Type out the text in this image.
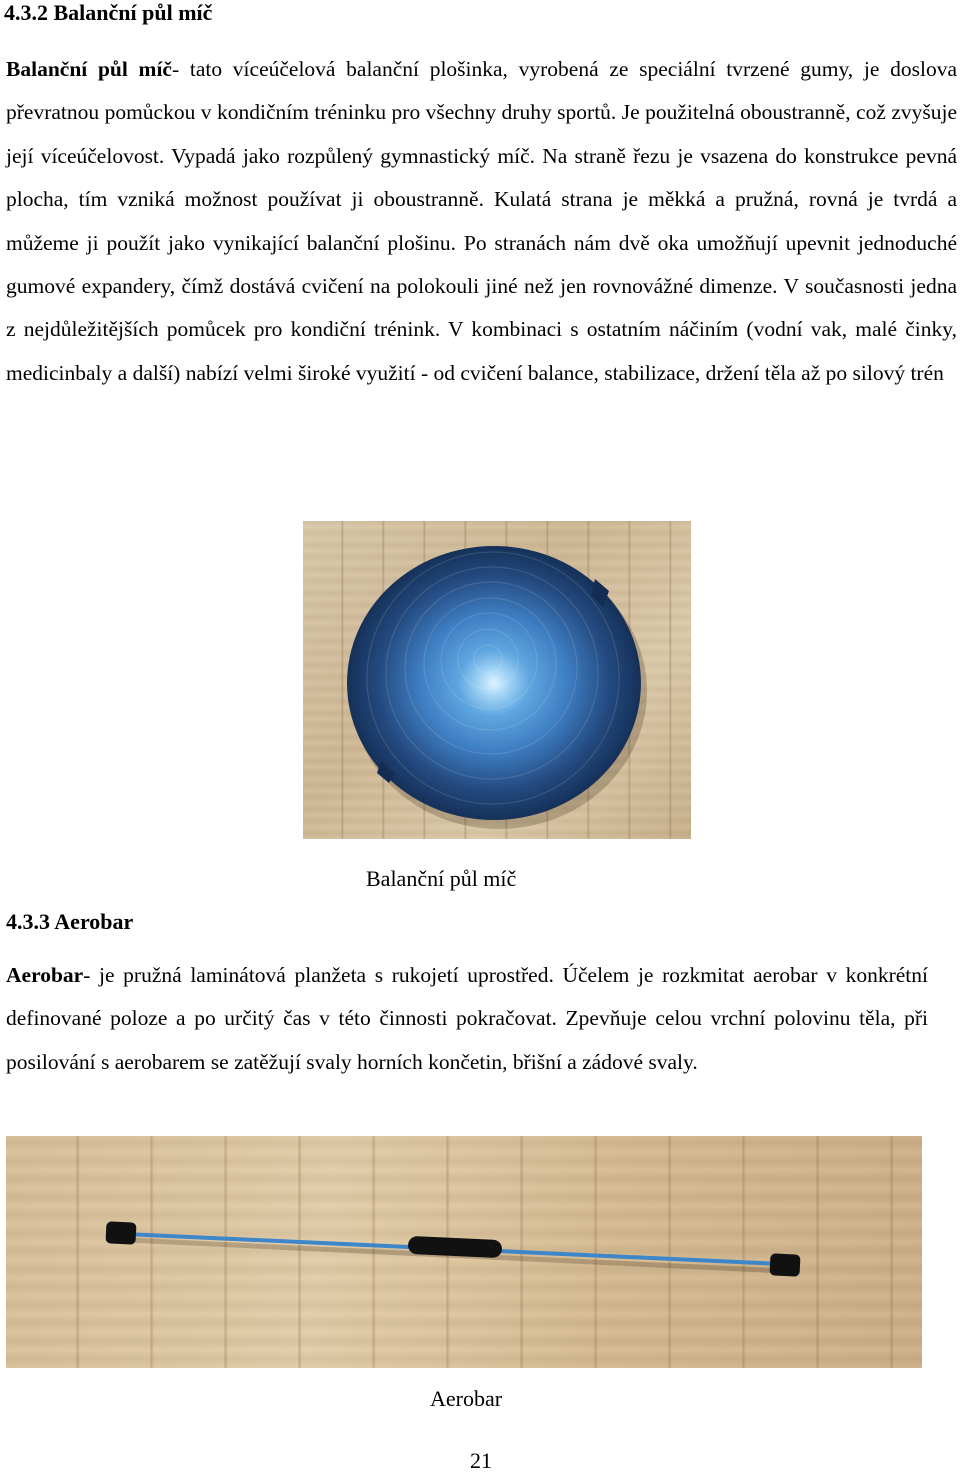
4.3.2 Balanční půl míč
Balanční půl míč- tato víceúčelová balanční plošinka, vyrobená ze speciální tvrzené gumy, je doslova převratnou pomůckou v kondičním tréninku pro všechny druhy sportů. Je použitelná oboustranně, což zvyšuje její víceúčelovost. Vypadá jako rozpůlený gymnastický míč. Na straně řezu je vsazena do konstrukce pevná plocha, tím vzniká možnost používat ji oboustranně. Kulatá strana je měkká a pružná, rovná je tvrdá a můžeme ji použít jako vynikající balanční plošinu. Po stranách nám dvě oka umožňují upevnit jednoduché gumové expandery, čímž dostává cvičení na polokouli jiné než jen rovnovážné dimenze. V současnosti jedna z nejdůležitějších pomůcek pro kondiční trénink. V kombinaci s ostatním náčiním (vodní vak, malé činky, medicinbaly a další) nabízí velmi široké využití - od cvičení balance, stabilizace, držení těla až po silový trén
Balanční půl míč
4.3.3 Aerobar
Aerobar- je pružná laminátová planžeta s rukojetí uprostřed. Účelem je rozkmitat aerobar v konkrétní definované poloze a po určitý čas v této činnosti pokračovat. Zpevňuje celou vrchní polovinu těla, při posilování s aerobarem se zatěžují svaly horních končetin, břišní a zádové svaly.
Aerobar
21
